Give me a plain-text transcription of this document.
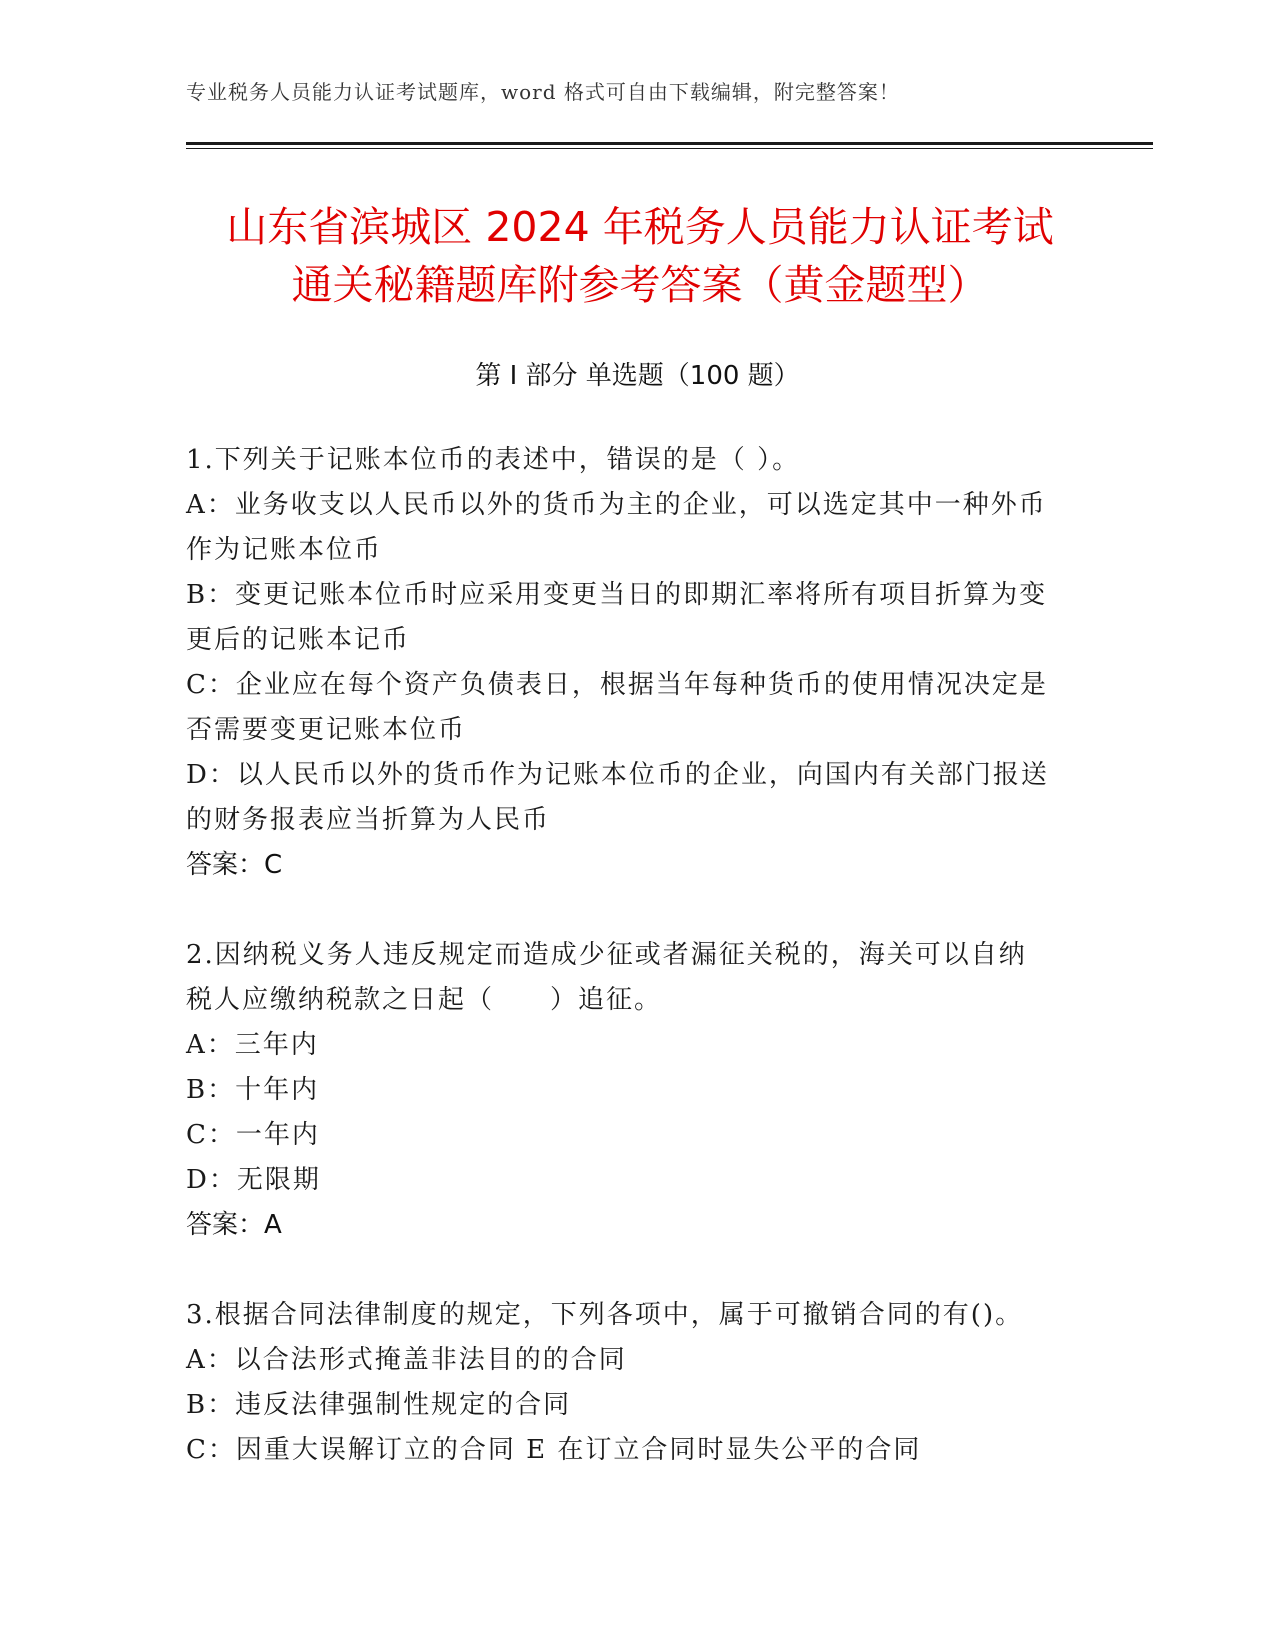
专业税务人员能力认证考试题库，word 格式可自由下载编辑，附完整答案！
山东省滨城区 2024 年税务人员能力认证考试
通关秘籍题库附参考答案（黄金题型）
第 I 部分 单选题（100 题）
1.下列关于记账本位币的表述中，错误的是（ ）。
A：业务收支以人民币以外的货币为主的企业，可以选定其中一种外币
作为记账本位币
B：变更记账本位币时应采用变更当日的即期汇率将所有项目折算为变
更后的记账本记币
C：企业应在每个资产负债表日，根据当年每种货币的使用情况决定是
否需要变更记账本位币
D：以人民币以外的货币作为记账本位币的企业，向国内有关部门报送
的财务报表应当折算为人民币
答案：C
2.因纳税义务人违反规定而造成少征或者漏征关税的，海关可以自纳
税人应缴纳税款之日起（　　）追征。
A：三年内
B：十年内
C：一年内
D：无限期
答案：A
3.根据合同法律制度的规定，下列各项中，属于可撤销合同的有()。
A：以合法形式掩盖非法目的的合同
B：违反法律强制性规定的合同
C：因重大误解订立的合同 E 在订立合同时显失公平的合同
